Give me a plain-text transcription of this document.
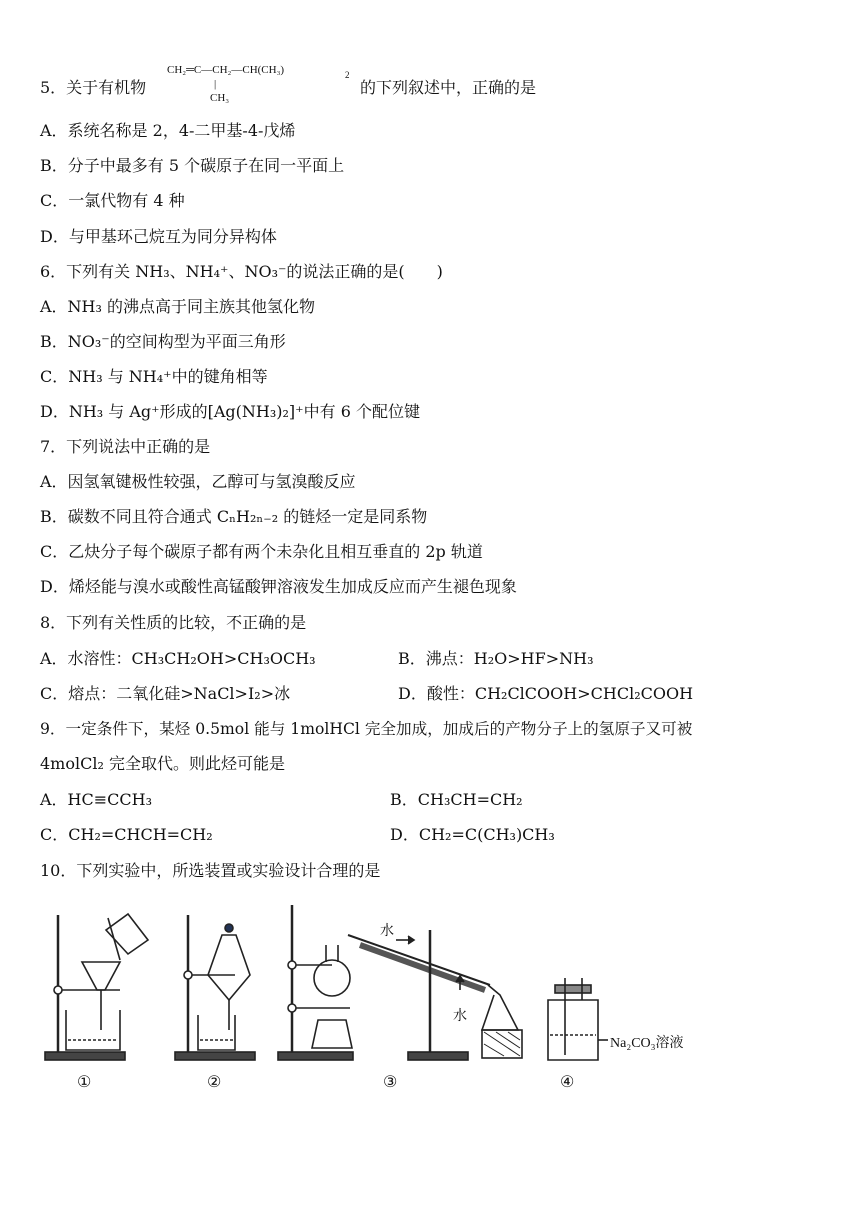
5．关于有机物
CH₂═C—CH₂—CH(CH₃)	2
|
CH₃
的下列叙述中，正确的是
A．系统名称是 2，4-二甲基-4-戊烯
B．分子中最多有 5 个碳原子在同一平面上
C．一氯代物有 4 种
D．与甲基环己烷互为同分异构体
6．下列有关 NH₃、NH₄⁺、NO₃⁻的说法正确的是(　　)
A．NH₃ 的沸点高于同主族其他氢化物
B．NO₃⁻的空间构型为平面三角形
C．NH₃ 与 NH₄⁺中的键角相等
D．NH₃ 与 Ag⁺形成的[Ag(NH₃)₂]⁺中有 6 个配位键
7．下列说法中正确的是
A．因氢氧键极性较强，乙醇可与氢溴酸反应
B．碳数不同且符合通式 CₙH₂ₙ₋₂ 的链烃一定是同系物
C．乙炔分子每个碳原子都有两个未杂化且相互垂直的 2p 轨道
D．烯烃能与溴水或酸性高锰酸钾溶液发生加成反应而产生褪色现象
8．下列有关性质的比较，不正确的是
A．水溶性：CH₃CH₂OH>CH₃OCH₃	B．沸点：H₂O>HF>NH₃
C．熔点：二氧化硅>NaCl>I₂>冰	D．酸性：CH₂ClCOOH>CHCl₂COOH
9．一定条件下，某烃 0.5mol 能与 1molHCl 完全加成，加成后的产物分子上的氢原子又可被
4molCl₂ 完全取代。则此烃可能是
A．HC≡CCH₃	B．CH₃CH=CH₂
C．CH₂=CHCH=CH₂	D．CH₂=C(CH₃)CH₃
10．下列实验中，所选装置或实验设计合理的是
水
水
Na₂CO₃溶液
①	②	③	④
